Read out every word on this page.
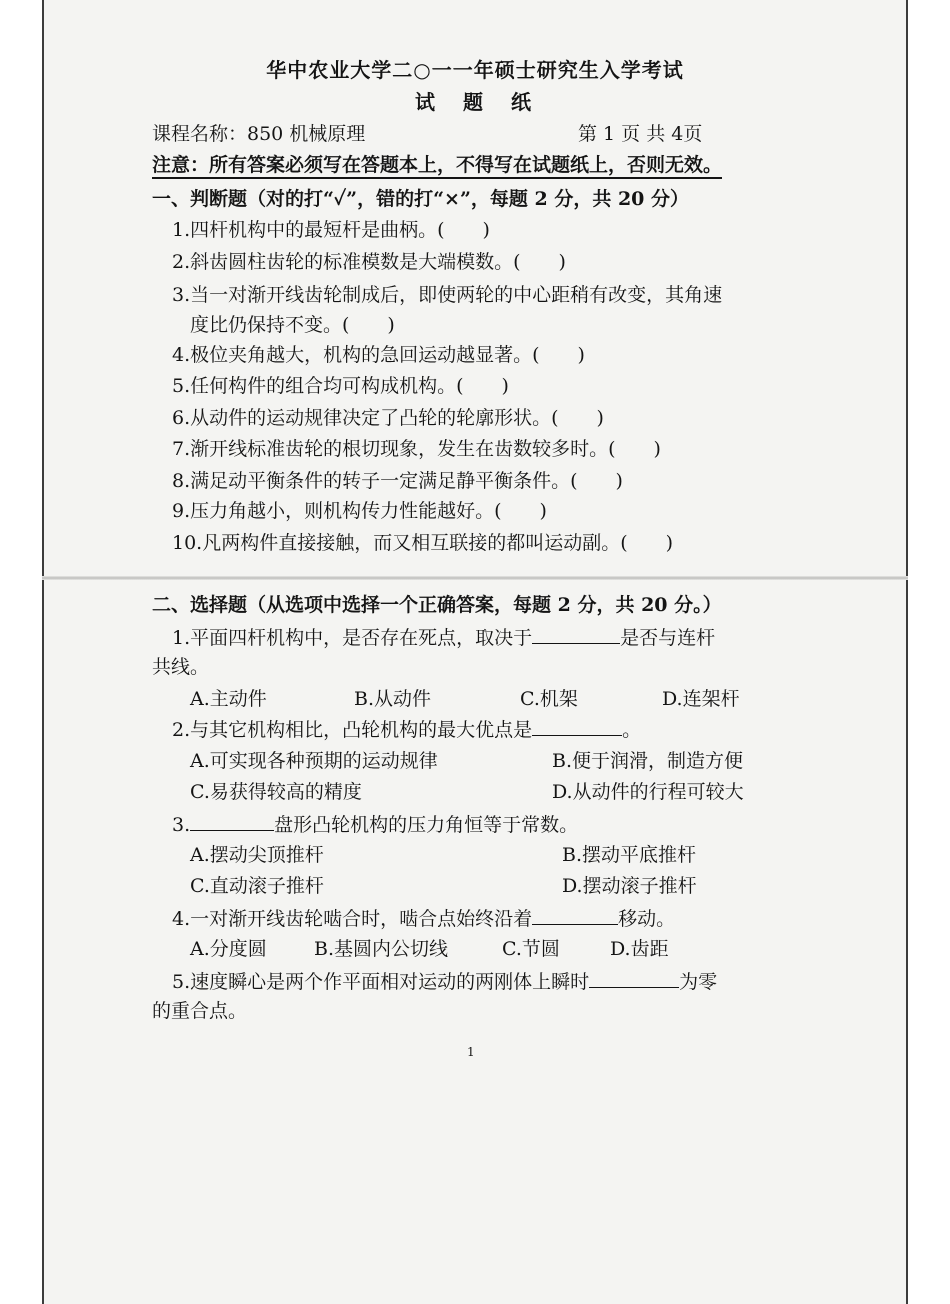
华中农业大学二○一一年硕士研究生入学考试
试　题　纸
课程名称：850 机械原理	第 1 页 共 4页
注意：所有答案必须写在答题本上，不得写在试题纸上，否则无效。
一、判断题（对的打“✓”，错的打“×”，每题 2 分，共 20 分）
1.四杆机构中的最短杆是曲柄。(　　)
2.斜齿圆柱齿轮的标准模数是大端模数。(　　)
3.当一对渐开线齿轮制成后，即使两轮的中心距稍有改变，其角速
度比仍保持不变。(　　)
4.极位夹角越大，机构的急回运动越显著。(　　)
5.任何构件的组合均可构成机构。(　　)
6.从动件的运动规律决定了凸轮的轮廓形状。(　　)
7.渐开线标准齿轮的根切现象，发生在齿数较多时。(　　)
8.满足动平衡条件的转子一定满足静平衡条件。(　　)
9.压力角越小，则机构传力性能越好。(　　)
10.凡两构件直接接触，而又相互联接的都叫运动副。(　　)
二、选择题（从选项中选择一个正确答案，每题 2 分，共 20 分。）
1.平面四杆机构中，是否存在死点，取决于	是否与连杆
共线。
A.主动件	B.从动件	C.机架	D.连架杆
2.与其它机构相比，凸轮机构的最大优点是	。
A.可实现各种预期的运动规律	B.便于润滑，制造方便
C.易获得较高的精度	D.从动件的行程可较大
3.	盘形凸轮机构的压力角恒等于常数。
A.摆动尖顶推杆	B.摆动平底推杆
C.直动滚子推杆	D.摆动滚子推杆
4.一对渐开线齿轮啮合时，啮合点始终沿着	移动。
A.分度圆 B.基圆内公切线	C.节圆	D.齿距
5.速度瞬心是两个作平面相对运动的两刚体上瞬时	为零
的重合点。
1
